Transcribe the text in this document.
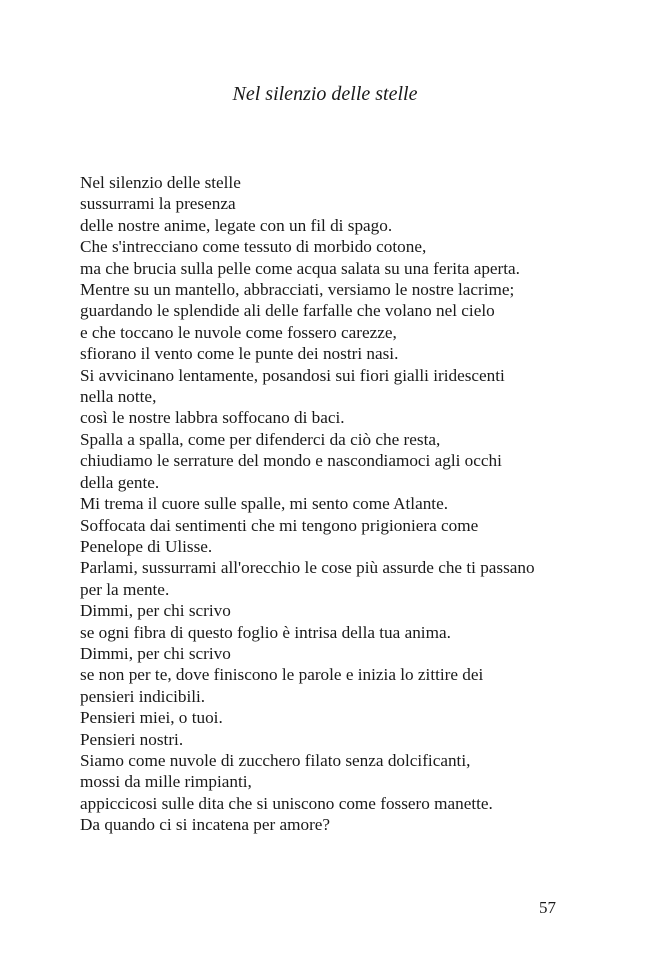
Nel silenzio delle stelle
Nel silenzio delle stelle
sussurrami la presenza
delle nostre anime, legate con un fil di spago.
Che s'intrecciano come tessuto di morbido cotone,
ma che brucia sulla pelle come acqua salata su una ferita aperta.
Mentre su un mantello, abbracciati, versiamo le nostre lacrime;
guardando le splendide ali delle farfalle che volano nel cielo
e che toccano le nuvole come fossero carezze,
sfiorano il vento come le punte dei nostri nasi.
Si avvicinano lentamente, posandosi sui fiori gialli iridescenti
nella notte,
così le nostre labbra soffocano di baci.
Spalla a spalla, come per difenderci da ciò che resta,
chiudiamo le serrature del mondo e nascondiamoci agli occhi
della gente.
Mi trema il cuore sulle spalle, mi sento come Atlante.
Soffocata dai sentimenti che mi tengono prigioniera come
Penelope di Ulisse.
Parlami, sussurrami all'orecchio le cose più assurde che ti passano
per la mente.
Dimmi, per chi scrivo
se ogni fibra di questo foglio è intrisa della tua anima.
Dimmi, per chi scrivo
se non per te, dove finiscono le parole e inizia lo zittire dei
pensieri indicibili.
Pensieri miei, o tuoi.
Pensieri nostri.
Siamo come nuvole di zucchero filato senza dolcificanti,
mossi da mille rimpianti,
appiccicosi sulle dita che si uniscono come fossero manette.
Da quando ci si incatena per amore?
57
